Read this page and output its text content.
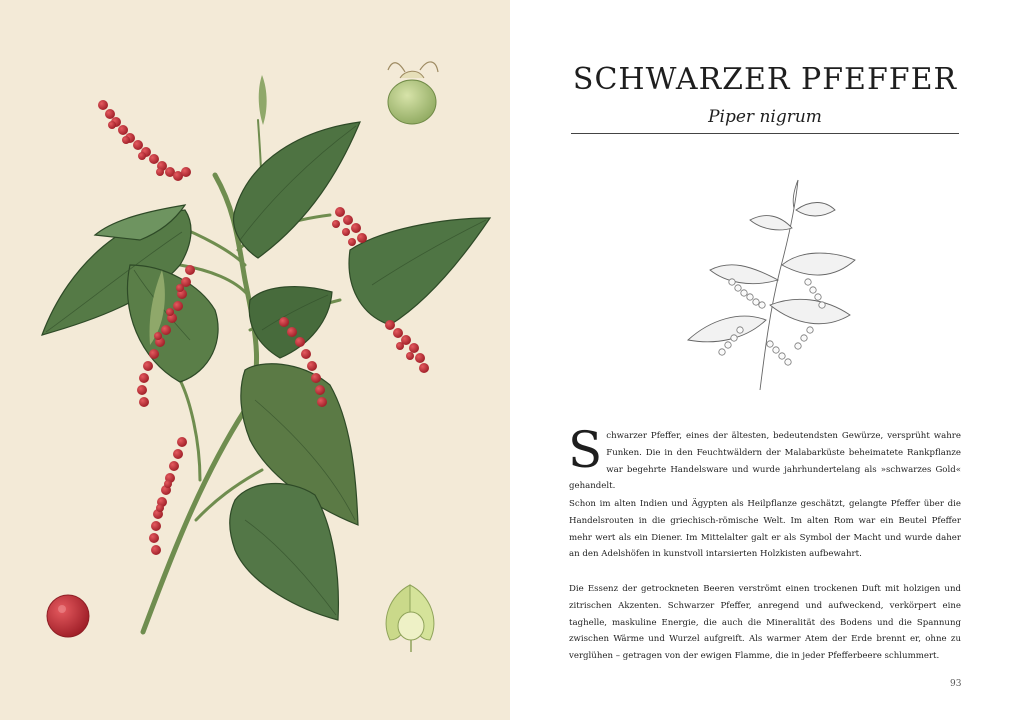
SCHWARZER PFEFFER
Piper nigrum
S chwarzer Pfeffer, eines der ältesten, bedeutendsten Gewürze, versprüht wahre Funken. Die in den Feuchtwäldern der Malabarküste beheimatete Rankpflanze war begehrte Handelsware und wurde jahrhundertelang als »schwarzes Gold« gehandelt.
Schon im alten Indien und Ägypten als Heilpflanze geschätzt, gelangte Pfeffer über die Handelsrouten in die griechisch-römische Welt. Im alten Rom war ein Beutel Pfeffer mehr wert als ein Diener. Im Mittelalter galt er als Symbol der Macht und wurde daher an den Adelshöfen in kunstvoll intarsierten Holzkisten aufbewahrt.
Die Essenz der getrockneten Beeren verströmt einen trockenen Duft mit holzigen und zitrischen Akzenten. Schwarzer Pfeffer, anregend und aufweckend, verkörpert eine taghelle, maskuline Energie, die auch die Mineralität des Bodens und die Spannung zwischen Wärme und Wurzel aufgreift. Als warmer Atem der Erde brennt er, ohne zu verglühen – getragen von der ewigen Flamme, die in jeder Pfefferbeere schlummert.
93
